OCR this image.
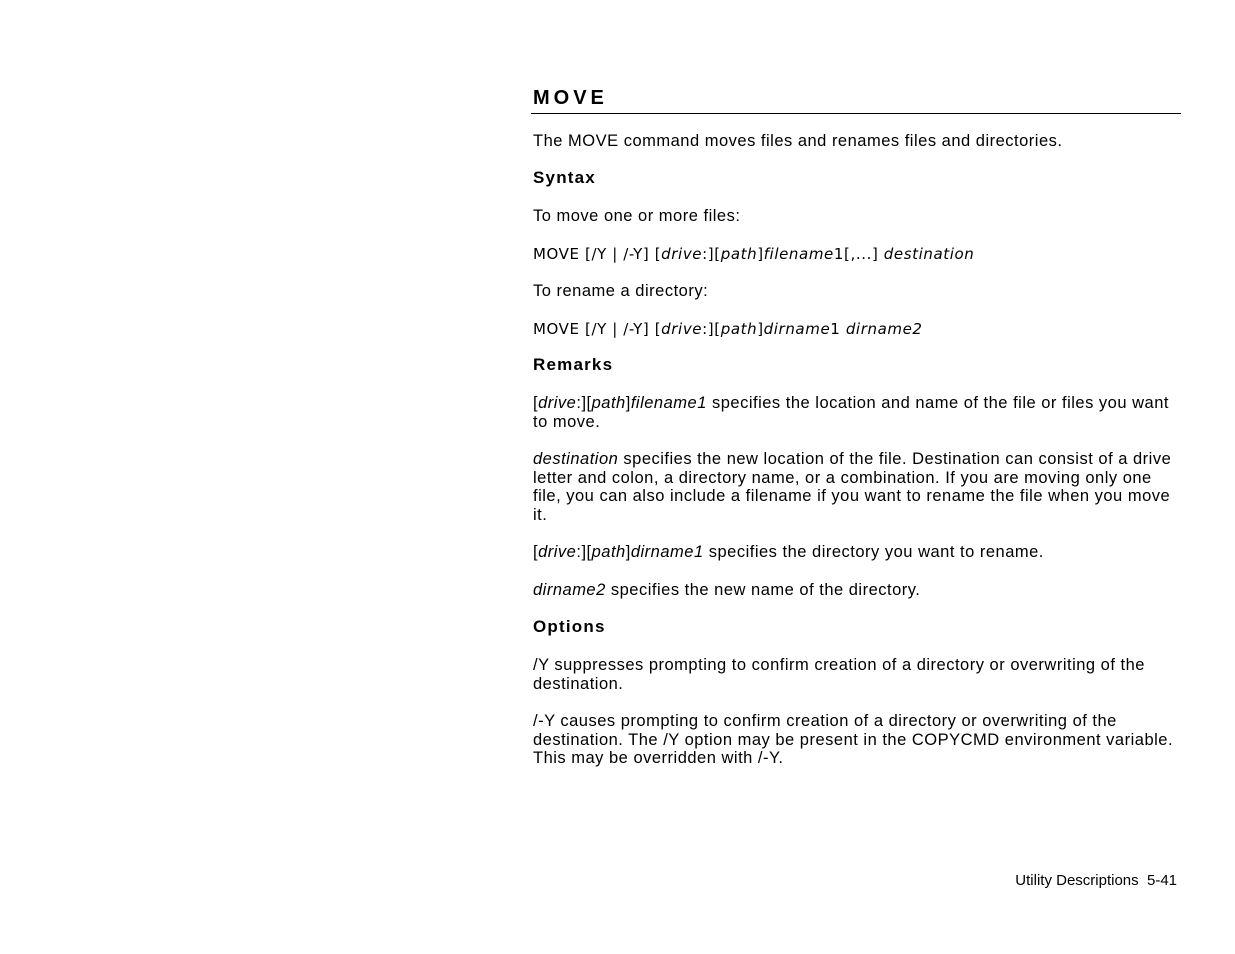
MOVE

The MOVE command moves files and renames files and directories.

Syntax

To move one or more files:

MOVE [/Y | /-Y] [drive:][path]filename1[,...] destination

To rename a directory:

MOVE [/Y | /-Y] [drive:][path]dirname1 dirname2

Remarks

[drive:][path]filename1 specifies the location and name of the file or files you want to move.

destination specifies the new location of the file. Destination can consist of a drive letter and colon, a directory name, or a combination. If you are moving only one file, you can also include a filename if you want to rename the file when you move it.

[drive:][path]dirname1 specifies the directory you want to rename.

dirname2 specifies the new name of the directory.

Options

/Y suppresses prompting to confirm creation of a directory or overwriting of the destination.

/-Y causes prompting to confirm creation of a directory or overwriting of the destination. The /Y option may be present in the COPYCMD environment variable. This may be overridden with /-Y.

Utility Descriptions  5-41
